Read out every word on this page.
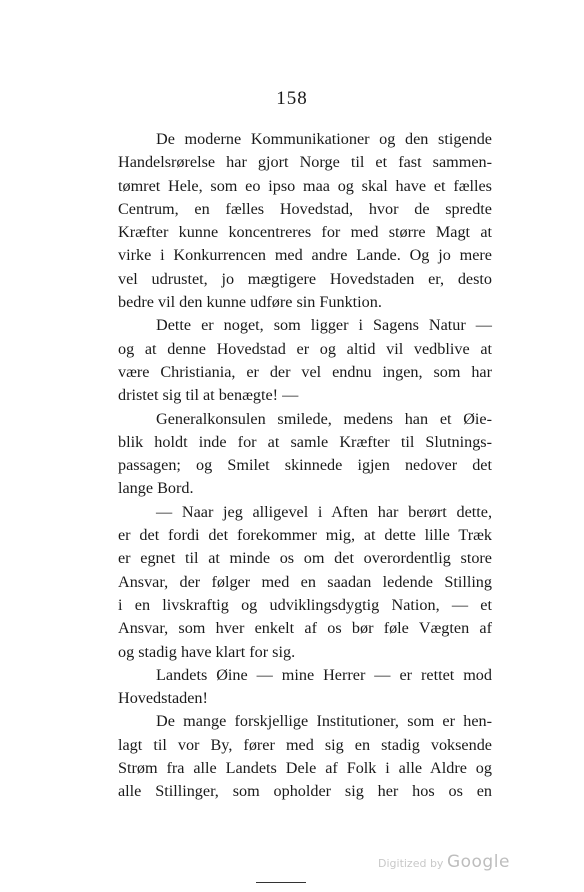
158
De moderne Kommunikationer og den stigende
Handelsrørelse har gjort Norge til et fast sammen-
tømret Hele, som eo ipso maa og skal have et fælles
Centrum, en fælles Hovedstad, hvor de spredte
Kræfter kunne koncentreres for med større Magt at
virke i Konkurrencen med andre Lande. Og jo mere
vel udrustet, jo mægtigere Hovedstaden er, desto
bedre vil den kunne udføre sin Funktion.
Dette er noget, som ligger i Sagens Natur —
og at denne Hovedstad er og altid vil vedblive at
være Christiania, er der vel endnu ingen, som har
dristet sig til at benægte! —
Generalkonsulen smilede, medens han et Øie-
blik holdt inde for at samle Kræfter til Slutnings-
passagen; og Smilet skinnede igjen nedover det
lange Bord.
— Naar jeg alligevel i Aften har berørt dette,
er det fordi det forekommer mig, at dette lille Træk
er egnet til at minde os om det overordentlig store
Ansvar, der følger med en saadan ledende Stilling
i en livskraftig og udviklingsdygtig Nation, — et
Ansvar, som hver enkelt af os bør føle Vægten af
og stadig have klart for sig.
Landets Øine — mine Herrer — er rettet mod
Hovedstaden!
De mange forskjellige Institutioner, som er hen-
lagt til vor By, fører med sig en stadig voksende
Strøm fra alle Landets Dele af Folk i alle Aldre og
alle Stillinger, som opholder sig her hos os en
Digitized by Google
